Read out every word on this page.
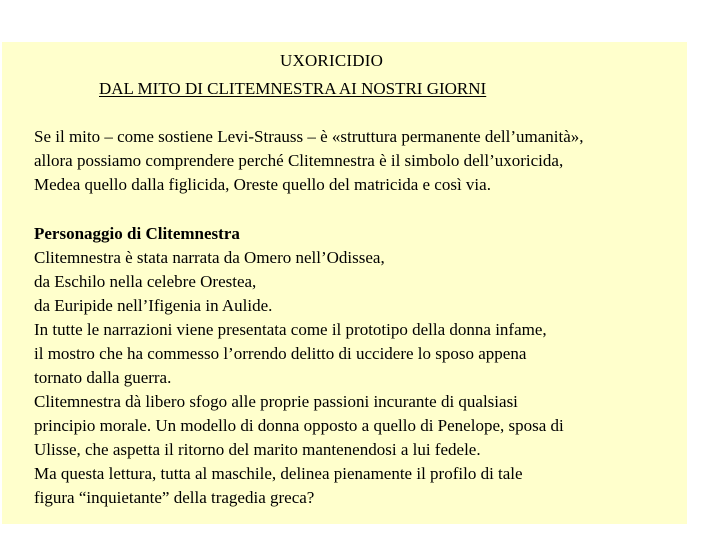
UXORICIDIO
DAL MITO DI CLITEMNESTRA AI NOSTRI GIORNI
Se il mito – come sostiene Levi-Strauss – è «struttura permanente dell’umanità»,
allora possiamo comprendere perché Clitemnestra è il simbolo dell’uxoricida,
Medea quello dalla figlicida, Oreste quello del matricida e così via.
Personaggio di Clitemnestra
Clitemnestra è stata narrata da Omero nell’Odissea,
da Eschilo nella celebre Orestea,
da Euripide nell’Ifigenia in Aulide.
In tutte le narrazioni viene presentata come il prototipo della donna infame,
il mostro che ha commesso l’orrendo delitto di uccidere lo sposo appena
tornato dalla guerra.
Clitemnestra dà libero sfogo alle proprie passioni incurante di qualsiasi
principio morale. Un modello di donna opposto a quello di Penelope, sposa di
Ulisse, che aspetta il ritorno del marito mantenendosi a lui fedele.
Ma questa lettura, tutta al maschile, delinea pienamente il profilo di tale
figura “inquietante” della tragedia greca?
